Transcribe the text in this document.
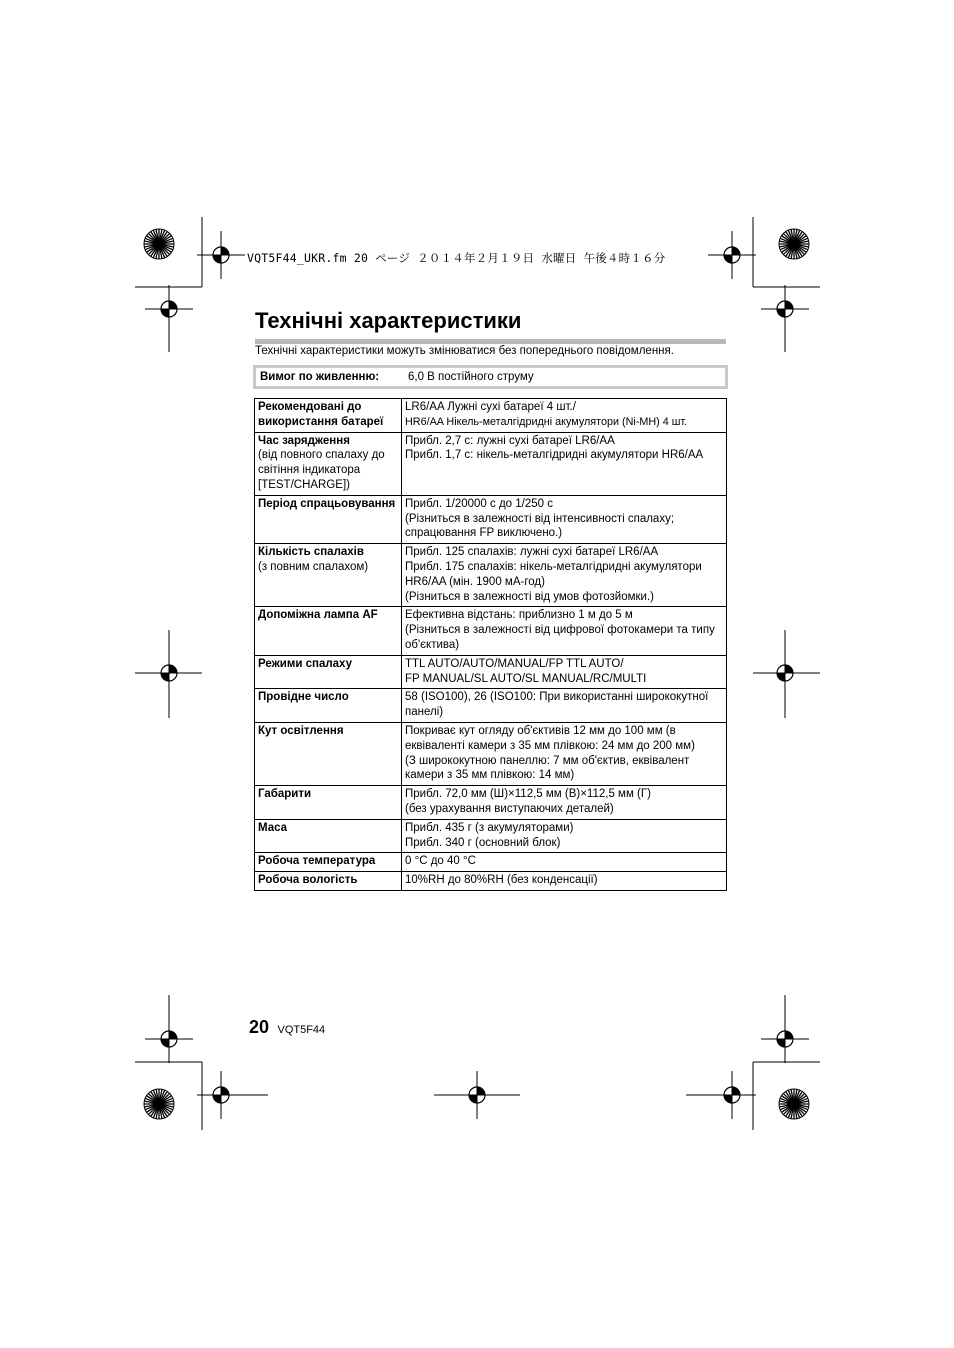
VQT5F44_UKR.fm 20 ページ ２０１４年２月１９日 水曜日 午後４時１６分
Технічні характеристики
Технічні характеристики можуть змінюватися без попереднього повідомлення.
Вимог по живленню:	6,0 В постійного струму
Рекомендовані до використання батареї	LR6/AA Лужні сухі батареї 4 шт./
HR6/AA Нікель-металгідридні акумулятори (Ni-MH) 4 шт.

Час зарядження
(від повного спалаху до світіння індикатора [TEST/CHARGE])	Прибл. 2,7 с: лужні сухі батареї LR6/AA
Прибл. 1,7 с: нікель-металгідридні акумулятори HR6/AA

Період спрацьовування	Прибл. 1/20000 с до 1/250 с
(Різниться в залежності від інтенсивності спалаху; спрацювання FP виключено.)

Кількість спалахів
(з повним спалахом)	Прибл. 125 спалахів: лужні сухі батареї LR6/AA
Прибл. 175 спалахів: нікель-металгідридні акумулятори HR6/AA (мін. 1900 мА-год)
(Різниться в залежності від умов фотозйомки.)

Допоміжна лампа AF	Ефективна відстань: приблизно 1 м до 5 м
(Різниться в залежності від цифрової фотокамери та типу об'єктива)

Режими спалаху	TTL AUTO/AUTO/MANUAL/FP TTL AUTO/
FP MANUAL/SL AUTO/SL MANUAL/RC/MULTI

Провідне число	58 (ISO100), 26 (ISO100: При використанні ширококутної панелі)

Кут освітлення	Покриває кут огляду об'єктивів 12 мм до 100 мм (в еквіваленті камери з 35 мм плівкою: 24 мм до 200 мм)
(З ширококутною панеллю: 7 мм об'єктив, еквівалент камери з 35 мм плівкою: 14 мм)

Габарити	Прибл. 72,0 мм (Ш)×112,5 мм (В)×112,5 мм (Г)
(без урахування виступаючих деталей)

Маса	Прибл. 435 г (з акумуляторами)
Прибл. 340 г (основний блок)

Робоча температура	0 °C до 40 °C

Робоча вологість	10%RH до 80%RH (без конденсації)
20 VQT5F44
